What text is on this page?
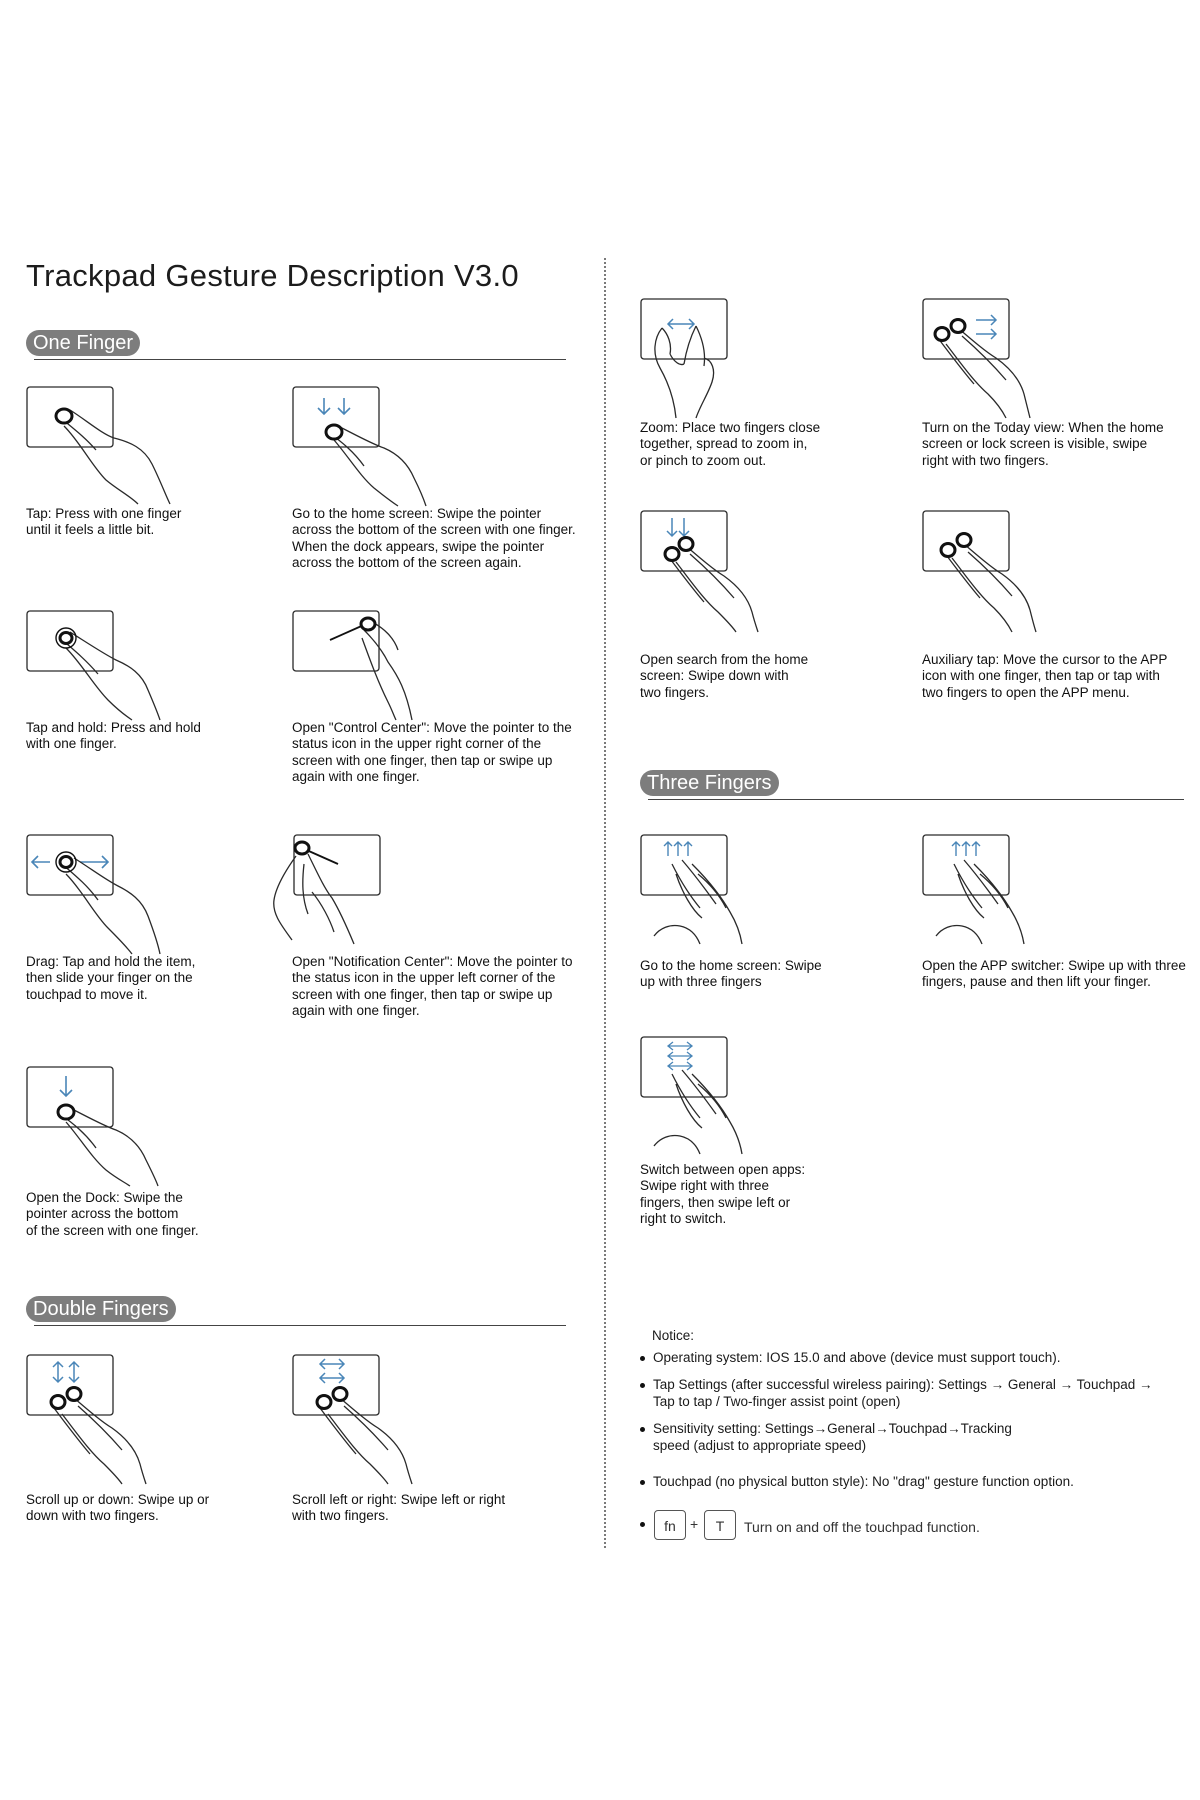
Trackpad Gesture Description V3.0
One Finger
Double Fingers
Three Fingers

Tap: Press with one finger
until it feels a little bit.

Go to the home screen: Swipe the pointer
across the bottom of the screen with one finger.
When the dock appears, swipe the pointer
across the bottom of the screen again.

Tap and hold: Press and hold
with one finger.

Open "Control Center": Move the pointer to the
status icon in the upper right corner of the
screen with one finger, then tap or swipe up
again with one finger.

Drag: Tap and hold the item,
then slide your finger on the
touchpad to move it.

Open "Notification Center": Move the pointer to
the status icon in the upper left corner of the
screen with one finger, then tap or swipe up
again with one finger.

Open the Dock: Swipe the
pointer across the bottom
of the screen with one finger.

Scroll up or down: Swipe up or
down with two fingers.

Scroll left or right: Swipe left or right
with two fingers.

Zoom: Place two fingers close
together, spread to zoom in,
or pinch to zoom out.

Turn on the Today view: When the home
screen or lock screen is visible, swipe
right with two fingers.

Open search from the home
screen: Swipe down with
two fingers.

Auxiliary tap: Move the cursor to the APP
icon with one finger, then tap or tap with
two fingers to open the APP menu.

Go to the home screen: Swipe
up with three fingers

Open the APP switcher: Swipe up with three
fingers, pause and then lift your finger.

Switch between open apps:
Swipe right with three
fingers, then swipe left or
right to switch.

Notice:

Operating system: IOS 15.0 and above (device must support touch).
Tap Settings (after successful wireless pairing): Settings → General → Touchpad →
Tap to tap / Two-finger assist point (open)
Sensitivity setting: Settings→General→Touchpad→Tracking
speed (adjust to appropriate speed)
Touchpad (no physical button style): No "drag" gesture function option.
fn	+	T	Turn on and off the touchpad function.
